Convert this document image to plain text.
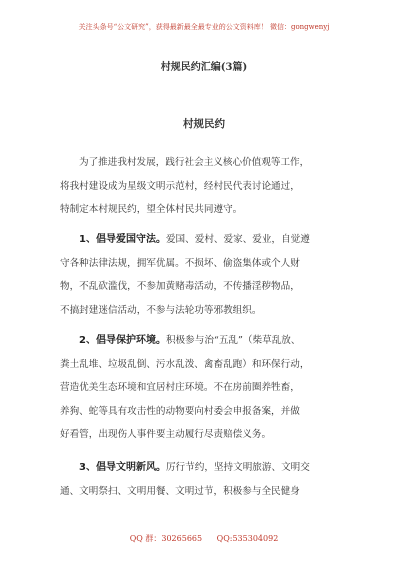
关注头条号“公文研究”，获得最新最全最专业的公文资料库！ 微信：gongwenyj
村规民约汇编(3篇)
村规民约
为了推进我村发展，践行社会主义核心价值观等工作，
将我村建设成为星级文明示范村，经村民代表讨论通过，
特制定本村规民约，望全体村民共同遵守。
1、倡导爱国守法。爱国、爱村、爱家、爱业，自觉遵
守各种法律法规，拥军优属。不损坏、偷盗集体或个人财
物，不乱砍滥伐，不参加黄赌毒活动，不传播淫秽物品，
不搞封建迷信活动，不参与法轮功等邪教组织。
2、倡导保护环境。积极参与治“五乱”（柴草乱放、
粪土乱堆、垃圾乱倒、污水乱泼、禽畜乱跑）和环保行动，
营造优美生态环境和宜居村庄环境。不在房前圈养牲畜，
养狗、蛇等具有攻击性的动物要向村委会申报备案，并做
好看管，出现伤人事件要主动履行尽责赔偿义务。
3、倡导文明新风。厉行节约，坚持文明旅游、文明交
通、文明祭扫、文明用餐、文明过节，积极参与全民健身
QQ 群：30265665 QQ:535304092
